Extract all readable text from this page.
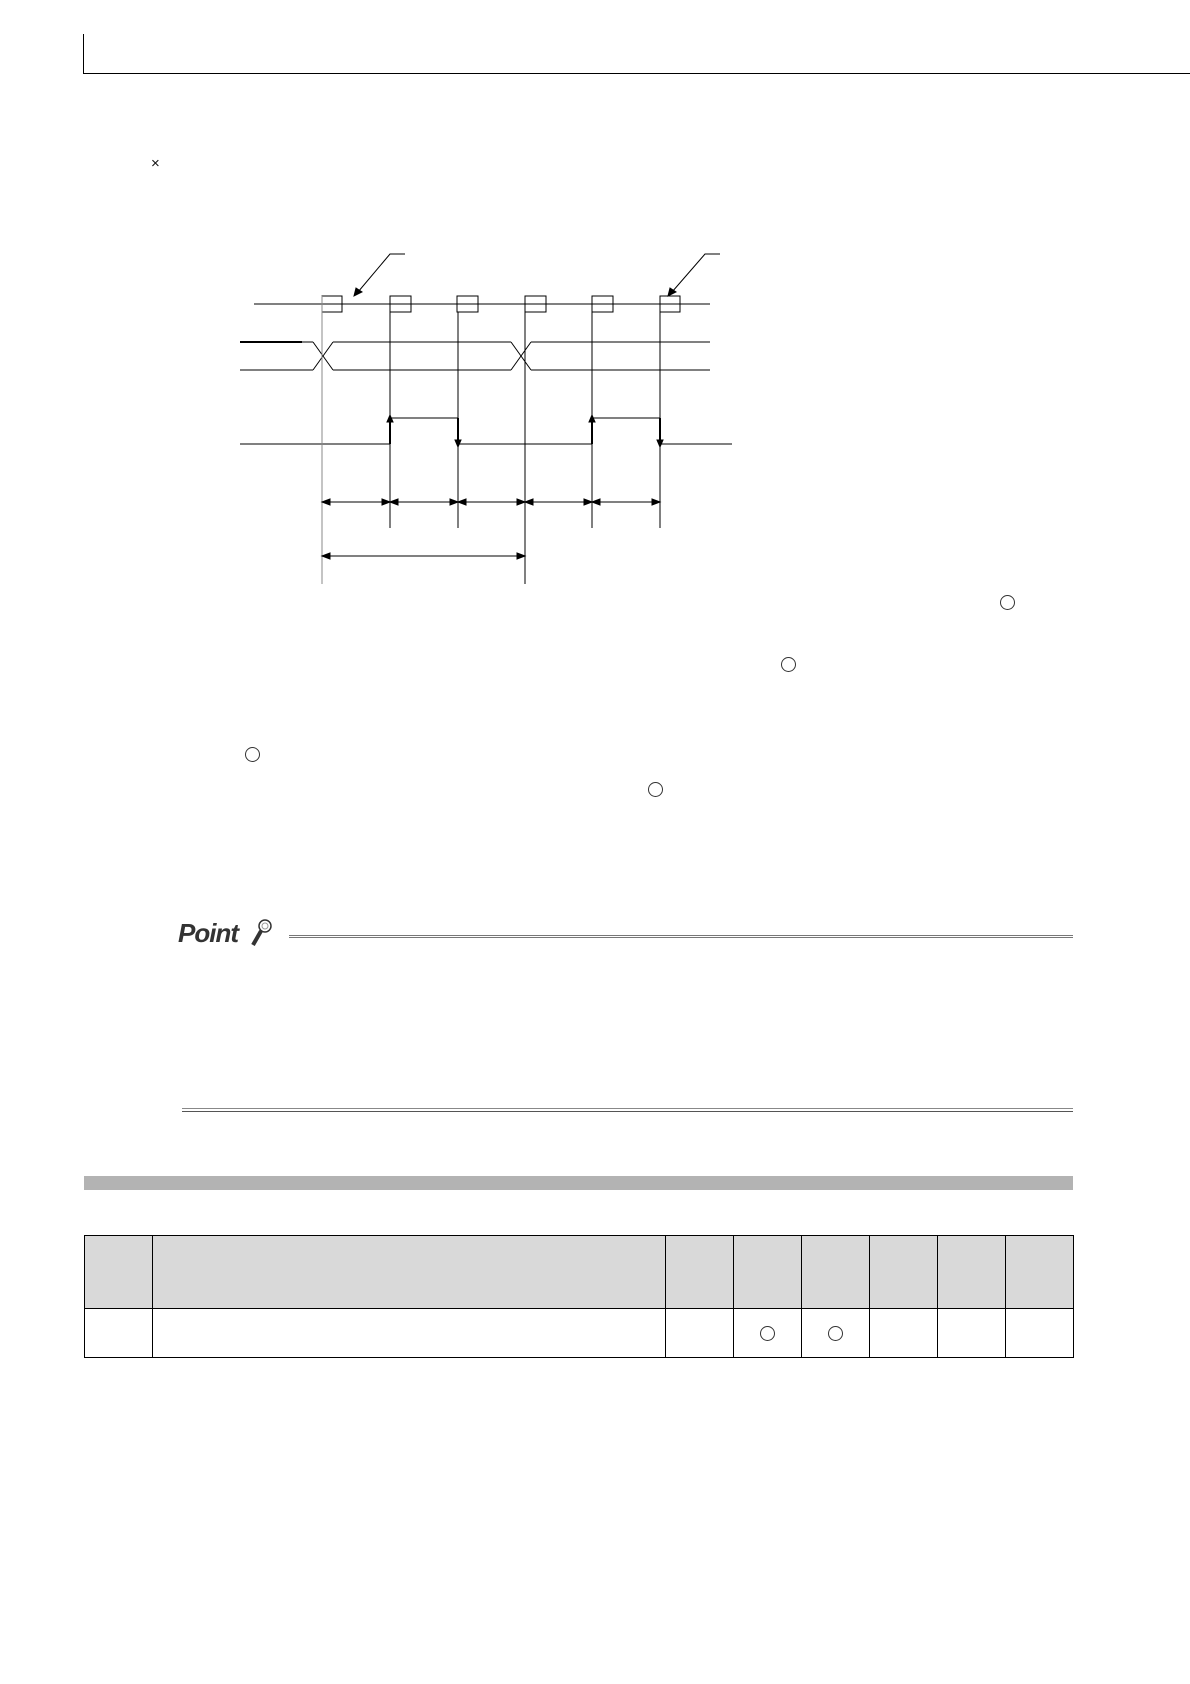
×
Point
